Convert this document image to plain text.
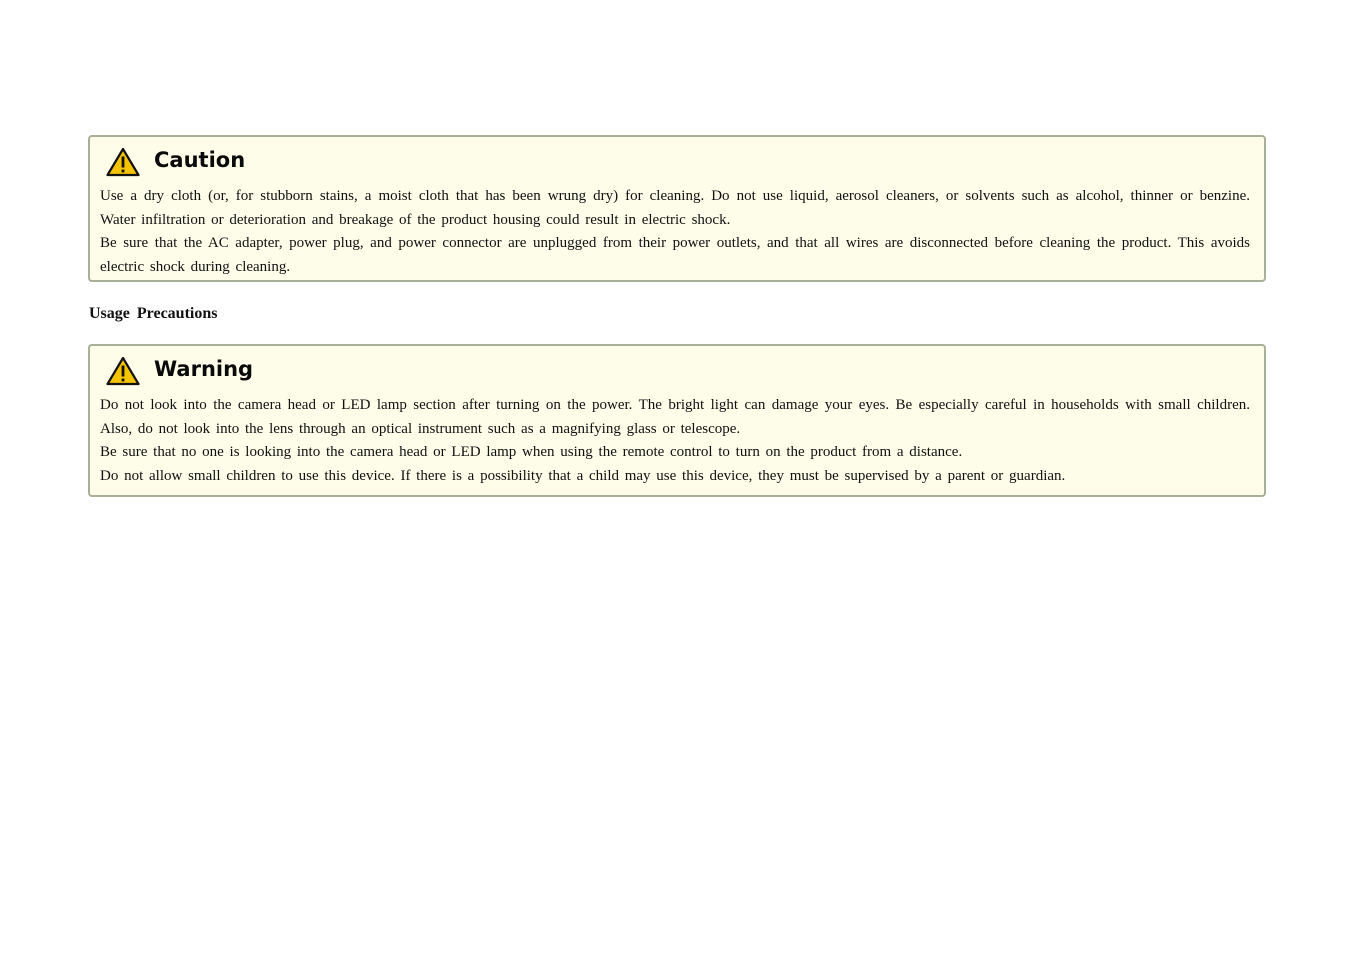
Caution

Use a dry cloth (or, for stubborn stains, a moist cloth that has been wrung dry) for cleaning. Do not use liquid, aerosol cleaners, or solvents such as alcohol, thinner or benzine. Water infiltration or deterioration and breakage of the product housing could result in electric shock.

Be sure that the AC adapter, power plug, and power connector are unplugged from their power outlets, and that all wires are disconnected before cleaning the product. This avoids electric shock during cleaning.

Usage Precautions
Warning

Do not look into the camera head or LED lamp section after turning on the power. The bright light can damage your eyes. Be especially careful in households with small children. Also, do not look into the lens through an optical instrument such as a magnifying glass or telescope.

Be sure that no one is looking into the camera head or LED lamp when using the remote control to turn on the product from a distance.

Do not allow small children to use this device. If there is a possibility that a child may use this device, they must be supervised by a parent or guardian.
